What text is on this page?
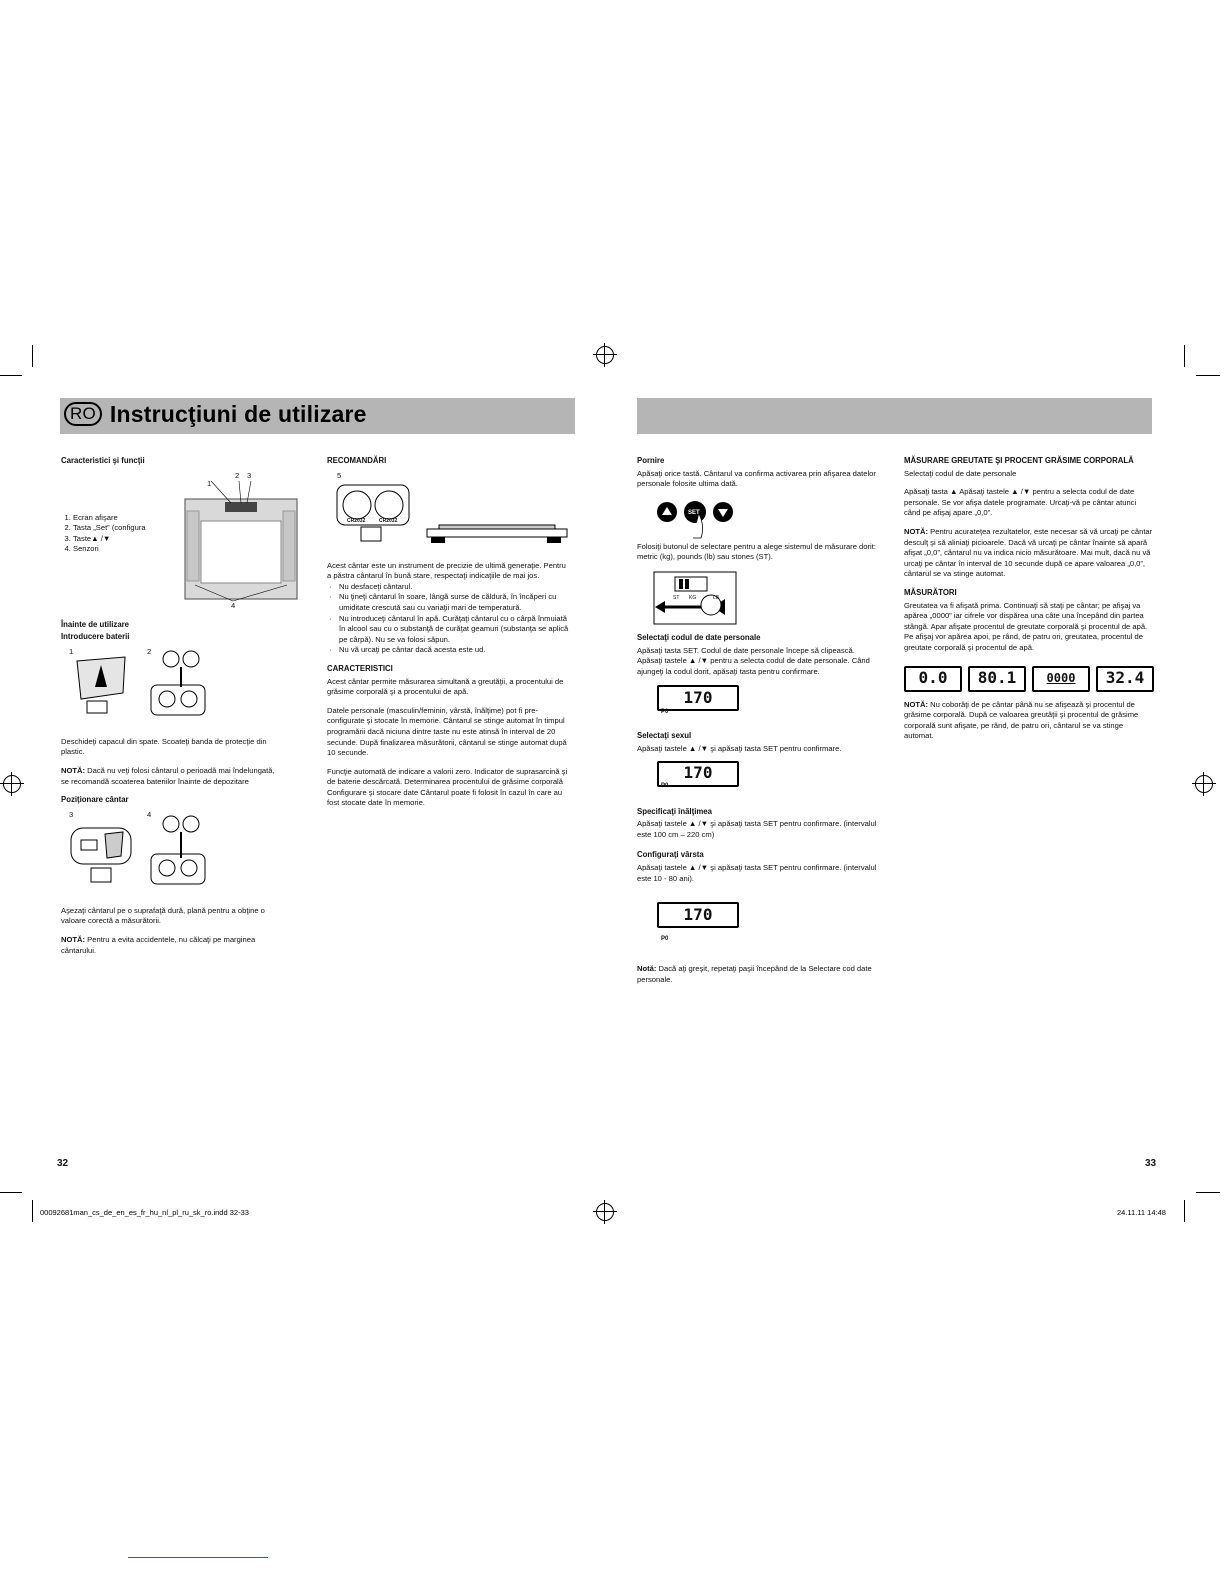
RO Instrucţiuni de utilizare
Caracteristici şi funcţii
1. Ecran afişare
2. Tasta „Set” (configura
3. Taste▲ /▼
4. Senzori
1
2 3
4
Înainte de utilizare
Introducere baterii
1	2

Deschideţi capacul din spate. Scoateţi banda de protecţie din plastic.

NOTĂ: Dacă nu veţi folosi cântarul o perioadă mai îndelungată, se recomandă scoaterea bateriilor înainte de depozitare

Poziţionare cântar
3	4

Aşezaţi cântarul pe o suprafaţă dură, plană pentru a obţine o valoare corectă a măsurătorii.

NOTĂ: Pentru a evita accidentele, nu călcaţi pe marginea cântarului.

RECOMANDĂRI
5
CR2032	CR2032

Acest cântar este un instrument de precizie de ultimă generaţie. Pentru a păstra cântarul în bună stare, respectaţi indicaţiile de mai jos.

· Nu desfaceţi cântarul.
· Nu ţineţi cântarul în soare, lângă surse de căldură, în încăperi cu umiditate crescută sau cu variaţii mari de temperatură.
· Nu introduceţi cântarul în apă. Curăţaţi cântarul cu o cârpă înmuiată în alcool sau cu o substanţă de curăţat geamuri (substanţa se aplică pe cârpă). Nu se va folosi săpun.
· Nu vă urcaţi pe cântar dacă acesta este ud.
CARACTERISTICI

Acest cântar permite măsurarea simultană a greutăţii, a procentului de grăsime corporală şi a procentului de apă.

Datele personale (masculin/feminin, vârstă, înălţime) pot fi pre-configurate şi stocate în memorie. Cântarul se stinge automat în timpul programării dacă niciuna dintre taste nu este atinsă în interval de 20 secunde. După finalizarea măsurătorii, cântarul se stinge automat după 10 secunde.

Funcţie automată de indicare a valorii zero. Indicator de suprasarcină şi de baterie descărcată. Determinarea procentului de grăsime corporală Configurare şi stocare date Cântarul poate fi folosit în cazul în care au fost stocate date în memorie.

Pornire

Apăsaţi orice tastă. Cântarul va confirma activarea prin afişarea datelor personale folosite ultima dată.

SET

Folosiţi butonul de selectare pentru a alege sistemul de măsurare dorit: metric (kg), pounds (lb) sau stones (ST).

ST KG	LB
Selectaţi codul de date personale

Apăsaţi tasta SET. Codul de date personale începe să clipească. Apăsaţi tastele ▲ /▼ pentru a selecta codul de date personale. Când ajungeţi la codul dorit, apăsaţi tasta pentru confirmare.

170
P0
Selectaţi sexul

Apăsaţi tastele ▲ /▼ şi apăsaţi tasta SET pentru confirmare.

170
P0
Specificaţi înălţimea

Apăsaţi tastele ▲ /▼ şi apăsaţi tasta SET pentru confirmare. (intervalul este 100 cm – 220 cm)

Configuraţi vârsta

Apăsaţi tastele ▲ /▼ şi apăsaţi tasta SET pentru confirmare. (intervalul este 10 - 80 ani).

170
P0

Notă: Dacă aţi greşit, repetaţi paşii începând de la Selectare cod date personale.

MĂSURARE GREUTATE ŞI PROCENT GRĂSIME CORPORALĂ

Selectaţi codul de date personale

Apăsaţi tasta ▲ Apăsaţi tastele ▲ /▼ pentru a selecta codul de date personale. Se vor afişa datele programate. Urcaţi-vă pe cântar atunci când pe afişaj apare „0,0”.

NOTĂ: Pentru acurateţea rezultatelor, este necesar să vă urcaţi pe cântar desculţ şi să aliniaţi picioarele. Dacă vă urcaţi pe cântar înainte să apară afişat „0,0”, cântarul nu va indica nicio măsurătoare. Mai mult, dacă nu vă urcaţi pe cântar în interval de 10 secunde după ce apare valoarea „0,0”, cântarul se va stinge automat.

MĂSURĂTORI

Greutatea va fi afişată prima. Continuaţi să staţi pe cântar; pe afişaj va apărea „0000” iar cifrele vor dispărea una câte una începând din partea stângă. Apar afişate procentul de greutate corporală şi procentul de apă. Pe afişaj vor apărea apoi, pe rând, de patru ori, greutatea, procentul de greutate corporală şi procentul de apă.

0.0 80.1	0000 32.4

NOTĂ: Nu coborâţi de pe cântar până nu se afişează şi procentul de grăsime corporală. După ce valoarea greutăţii şi procentul de grăsime corporală sunt afişate, pe rând, de patru ori, cântarul se va stinge automat.

32	33
00092681man_cs_de_en_es_fr_hu_nl_pl_ru_sk_ro.indd 32-33	24.11.11 14:48
